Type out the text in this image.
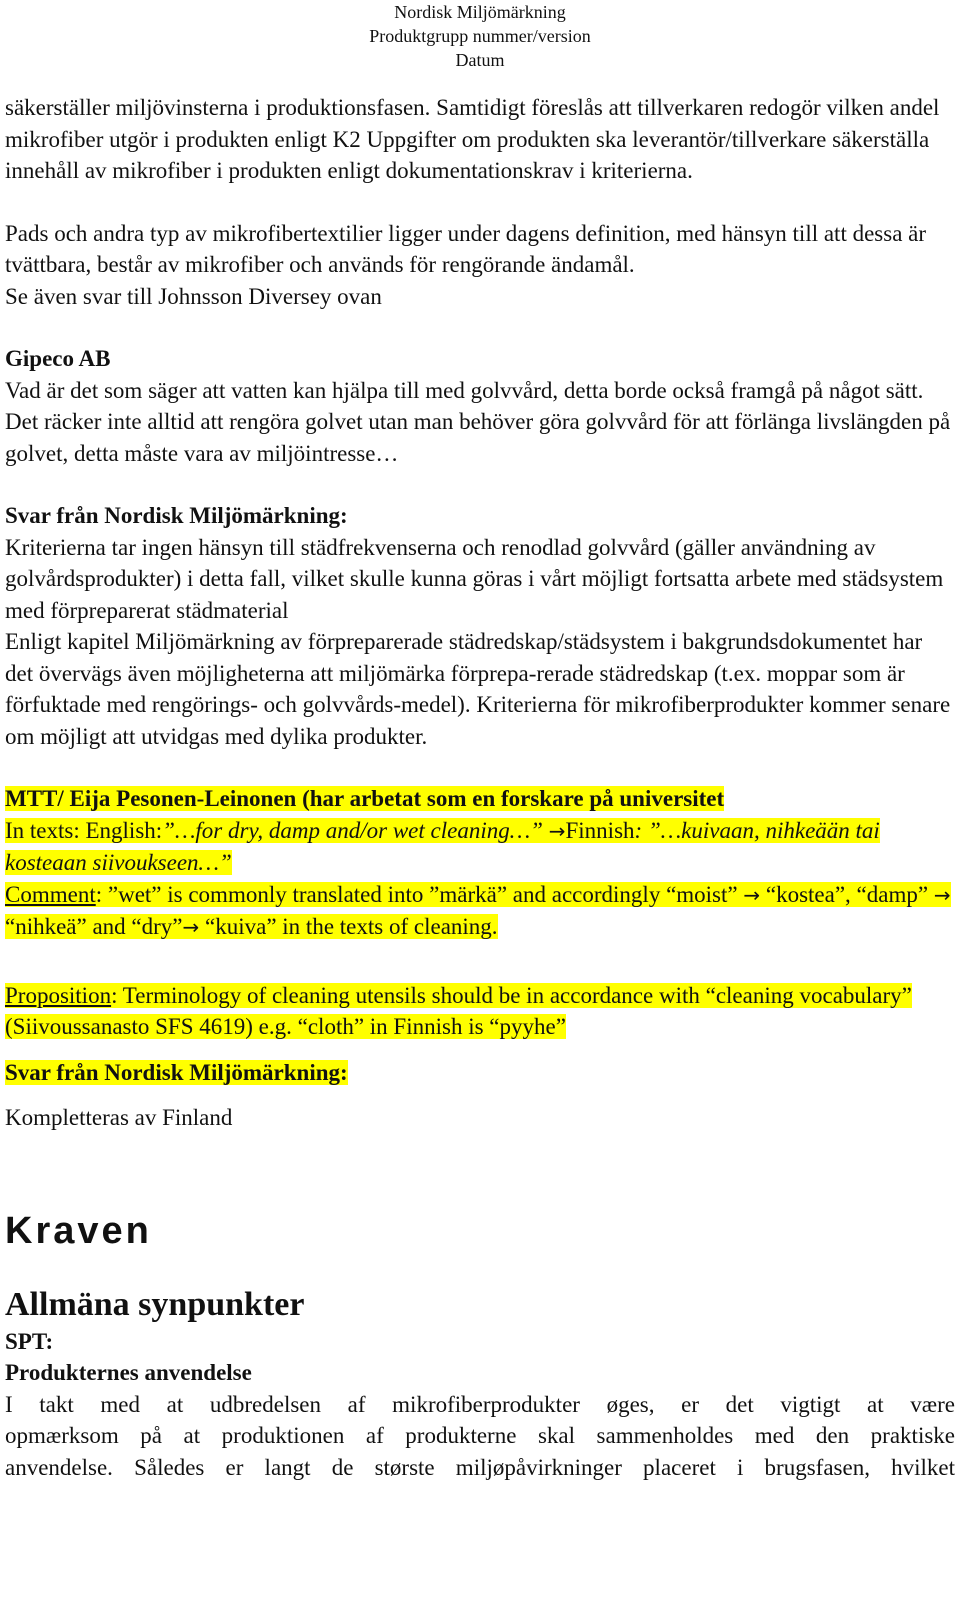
Nordisk Miljömärkning
Produktgrupp nummer/version
Datum

säkerställer miljövinsterna i produktionsfasen. Samtidigt föreslås att tillverkaren redogör vilken andel mikrofiber utgör i produkten enligt K2 Uppgifter om produkten ska leverantör/tillverkare säkerställa innehåll av mikrofiber i produkten enligt dokumentationskrav i kriterierna.

Pads och andra typ av mikrofibertextilier ligger under dagens definition, med hänsyn till att dessa är tvättbara, består av mikrofiber och används för rengörande ändamål.

Se även svar till Johnsson Diversey ovan

Gipeco AB

Vad är det som säger att vatten kan hjälpa till med golvvård, detta borde också framgå på något sätt.

Det räcker inte alltid att rengöra golvet utan man behöver göra golvvård för att förlänga livslängden på golvet, detta måste vara av miljöintresse…

Svar från Nordisk Miljömärkning:

Kriterierna tar ingen hänsyn till städfrekvenserna och renodlad golvvård (gäller användning av golvårdsprodukter) i detta fall, vilket skulle kunna göras i vårt möjligt fortsatta arbete med städsystem med förpreparerat städmaterial

Enligt kapitel Miljömärkning av förpreparerade städredskap/städsystem i bakgrundsdokumentet har det övervägs även möjligheterna att miljömärka förprepa-rerade städredskap (t.ex. moppar som är förfuktade med rengörings- och golvvårds-medel). Kriterierna för mikrofiberprodukter kommer senare om möjligt att utvidgas med dylika produkter.

MTT/ Eija Pesonen-Leinonen (har arbetat som en forskare på universitet

In texts: English:”…for dry, damp and/or wet cleaning…” →Finnish: ”…kuivaan, nihkeään tai kosteaan siivoukseen…”

Comment: ”wet” is commonly translated into ”märkä” and accordingly “moist” → “kostea”, “damp” → “nihkeä” and “dry”→ “kuiva” in the texts of cleaning.

Proposition: Terminology of cleaning utensils should be in accordance with “cleaning vocabulary” (Siivoussanasto SFS 4619) e.g. “cloth” in Finnish is “pyyhe”

Svar från Nordisk Miljömärkning:

Kompletteras av Finland

Kraven
Allmäna synpunkter

SPT:

Produkternes anvendelse

I takt med at udbredelsen af mikrofiberprodukter øges, er det vigtigt at være
opmærksom på at produktionen af produkterne skal sammenholdes med den praktiske
anvendelse. Således er langt de største miljøpåvirkninger placeret i brugsfasen, hvilket
